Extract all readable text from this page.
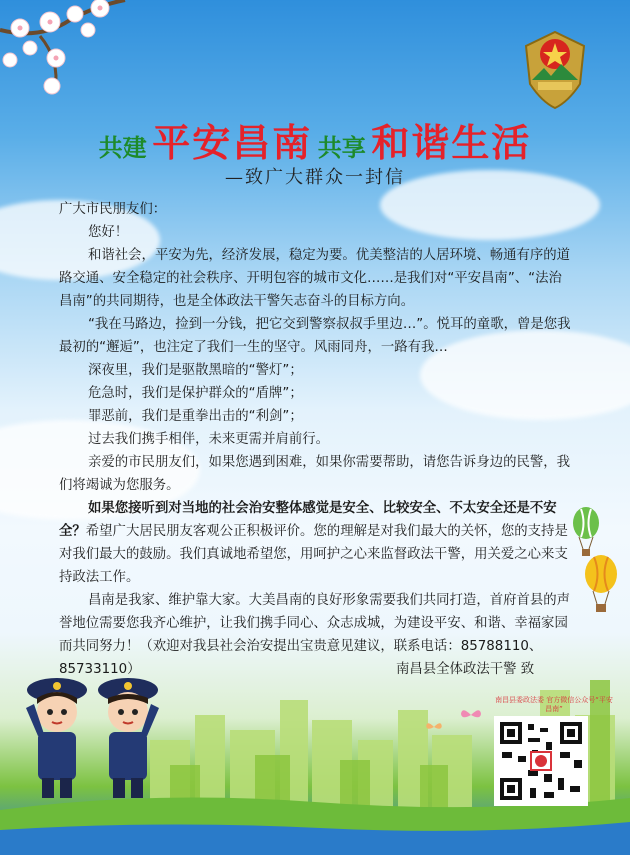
共建 平安昌南 共享 和谐生活
—致广大群众一封信

广大市民朋友们：

您好！

和谐社会，平安为先，经济发展，稳定为要。优美整洁的人居环境、畅通有序的道路交通、安全稳定的社会秩序、开明包容的城市文化……是我们对“平安昌南”、“法治昌南”的共同期待，也是全体政法干警矢志奋斗的目标方向。

“我在马路边，捡到一分钱，把它交到警察叔叔手里边…”。悦耳的童歌，曾是您我最初的“邂逅”，也注定了我们一生的坚守。风雨同舟，一路有我…

深夜里，我们是驱散黑暗的“警灯”；

危急时，我们是保护群众的“盾牌”；

罪恶前，我们是重拳出击的“利剑”；

过去我们携手相伴，未来更需并肩前行。

亲爱的市民朋友们，如果您遇到困难，如果你需要帮助，请您告诉身边的民警，我们将竭诚为您服务。

如果您接听到对当地的社会治安整体感觉是安全、比较安全、不太安全还是不安全？希望广大居民朋友客观公正积极评价。您的理解是对我们最大的关怀，您的支持是对我们最大的鼓励。我们真诚地希望您，用呵护之心来监督政法干警，用关爱之心来支持政法工作。

昌南是我家、维护靠大家。大美昌南的良好形象需要我们共同打造，首府首县的声誉地位需要您我齐心维护，让我们携手同心、众志成城，为建设平安、和谐、幸福家园而共同努力！（欢迎对我县社会治安提出宝贵意见建议，联系电话：85788110、85733110）	南昌县全体政法干警 致
南昌县委政法委 官方微信公众号“平安昌南”
